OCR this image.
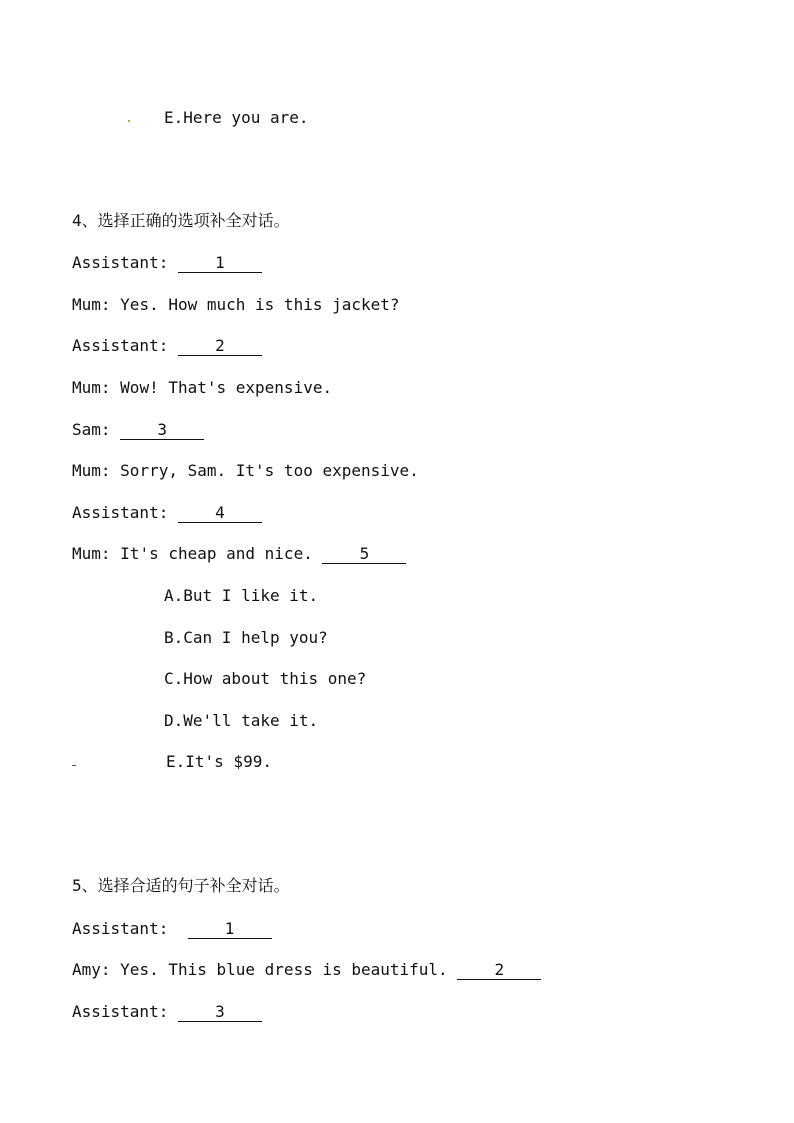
E.Here you are.
4、选择正确的选项补全对话。
Assistant: 1
Mum: Yes. How much is this jacket?
Assistant: 2
Mum: Wow! That's expensive.
Sam: 3
Mum: Sorry, Sam. It's too expensive.
Assistant: 4
Mum: It's cheap and nice. 5
A.But I like it.
B.Can I help you?
C.How about this one?
D.We'll take it.
E.It's $99.
5、选择合适的句子补全对话。
Assistant:  1
Amy: Yes. This blue dress is beautiful. 2
Assistant: 3
